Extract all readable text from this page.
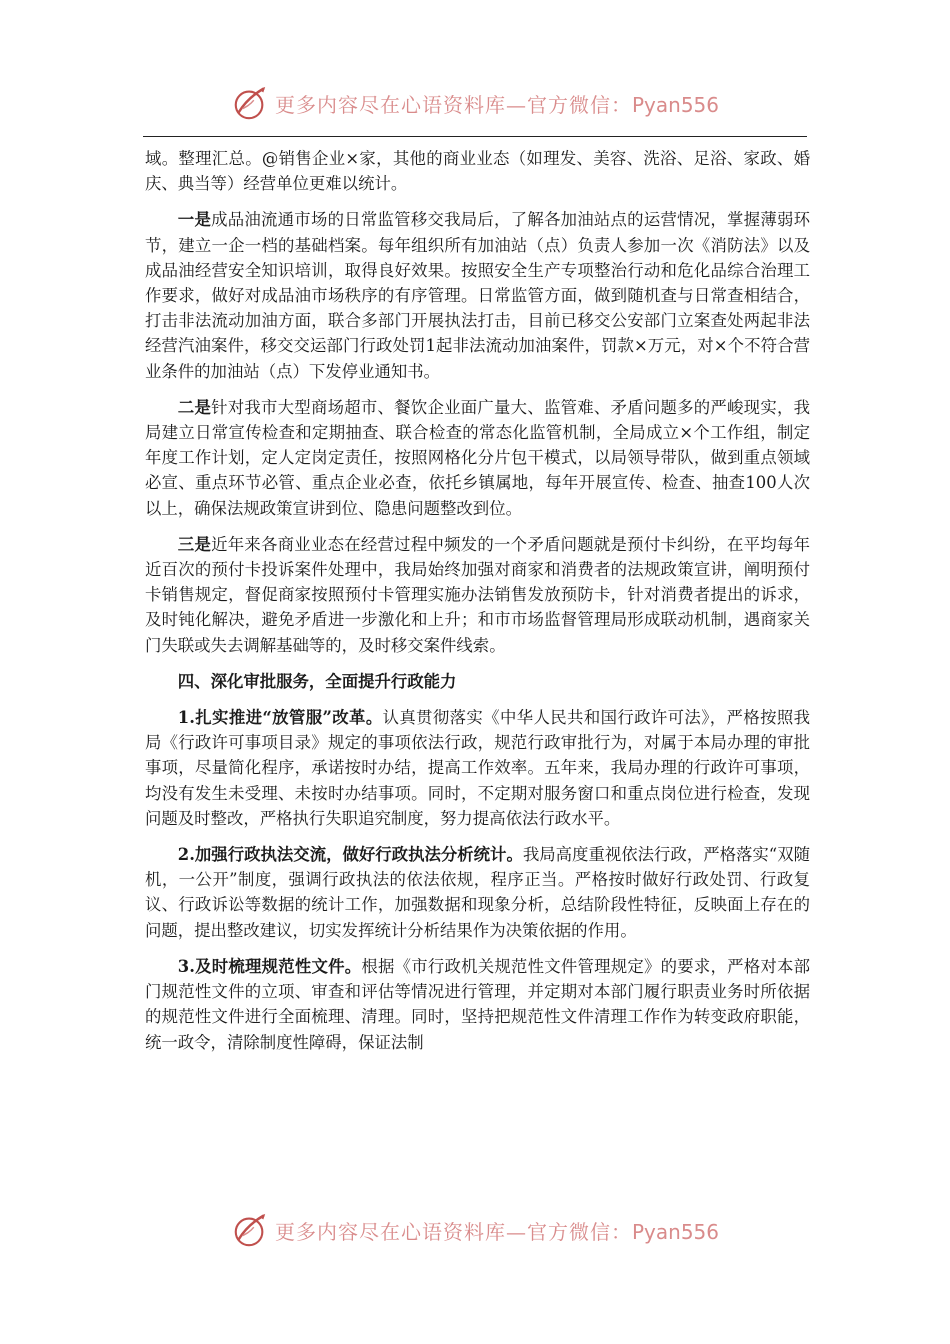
更多内容尽在心语资料库—官方微信：Pyan556

域。整理汇总。@销售企业×家，其他的商业业态（如理发、美容、洗浴、足浴、家政、婚庆、典当等）经营单位更难以统计。

一是成品油流通市场的日常监管移交我局后，了解各加油站点的运营情况，掌握薄弱环节，建立一企一档的基础档案。每年组织所有加油站（点）负责人参加一次《消防法》以及成品油经营安全知识培训，取得良好效果。按照安全生产专项整治行动和危化品综合治理工作要求，做好对成品油市场秩序的有序管理。日常监管方面，做到随机查与日常查相结合，打击非法流动加油方面，联合多部门开展执法打击，目前已移交公安部门立案查处两起非法经营汽油案件，移交交运部门行政处罚1起非法流动加油案件，罚款×万元，对×个不符合营业条件的加油站（点）下发停业通知书。

二是针对我市大型商场超市、餐饮企业面广量大、监管难、矛盾问题多的严峻现实，我局建立日常宣传检查和定期抽查、联合检查的常态化监管机制，全局成立×个工作组，制定年度工作计划，定人定岗定责任，按照网格化分片包干模式，以局领导带队，做到重点领域必宣、重点环节必管、重点企业必查，依托乡镇属地，每年开展宣传、检查、抽查100人次以上，确保法规政策宣讲到位、隐患问题整改到位。

三是近年来各商业业态在经营过程中频发的一个矛盾问题就是预付卡纠纷，在平均每年近百次的预付卡投诉案件处理中，我局始终加强对商家和消费者的法规政策宣讲，阐明预付卡销售规定，督促商家按照预付卡管理实施办法销售发放预防卡，针对消费者提出的诉求，及时钝化解决，避免矛盾进一步激化和上升；和市市场监督管理局形成联动机制，遇商家关门失联或失去调解基础等的，及时移交案件线索。

四、深化审批服务，全面提升行政能力

1.扎实推进“放管服”改革。认真贯彻落实《中华人民共和国行政许可法》，严格按照我局《行政许可事项目录》规定的事项依法行政，规范行政审批行为，对属于本局办理的审批事项，尽量简化程序，承诺按时办结，提高工作效率。五年来，我局办理的行政许可事项，均没有发生未受理、未按时办结事项。同时，不定期对服务窗口和重点岗位进行检查，发现问题及时整改，严格执行失职追究制度，努力提高依法行政水平。

2.加强行政执法交流，做好行政执法分析统计。我局高度重视依法行政，严格落实“双随机，一公开”制度，强调行政执法的依法依规，程序正当。严格按时做好行政处罚、行政复议、行政诉讼等数据的统计工作，加强数据和现象分析，总结阶段性特征，反映面上存在的问题，提出整改建议，切实发挥统计分析结果作为决策依据的作用。

3.及时梳理规范性文件。根据《市行政机关规范性文件管理规定》的要求，严格对本部门规范性文件的立项、审查和评估等情况进行管理，并定期对本部门履行职责业务时所依据的规范性文件进行全面梳理、清理。同时，坚持把规范性文件清理工作作为转变政府职能，统一政令，清除制度性障碍，保证法制

更多内容尽在心语资料库—官方微信：Pyan556
